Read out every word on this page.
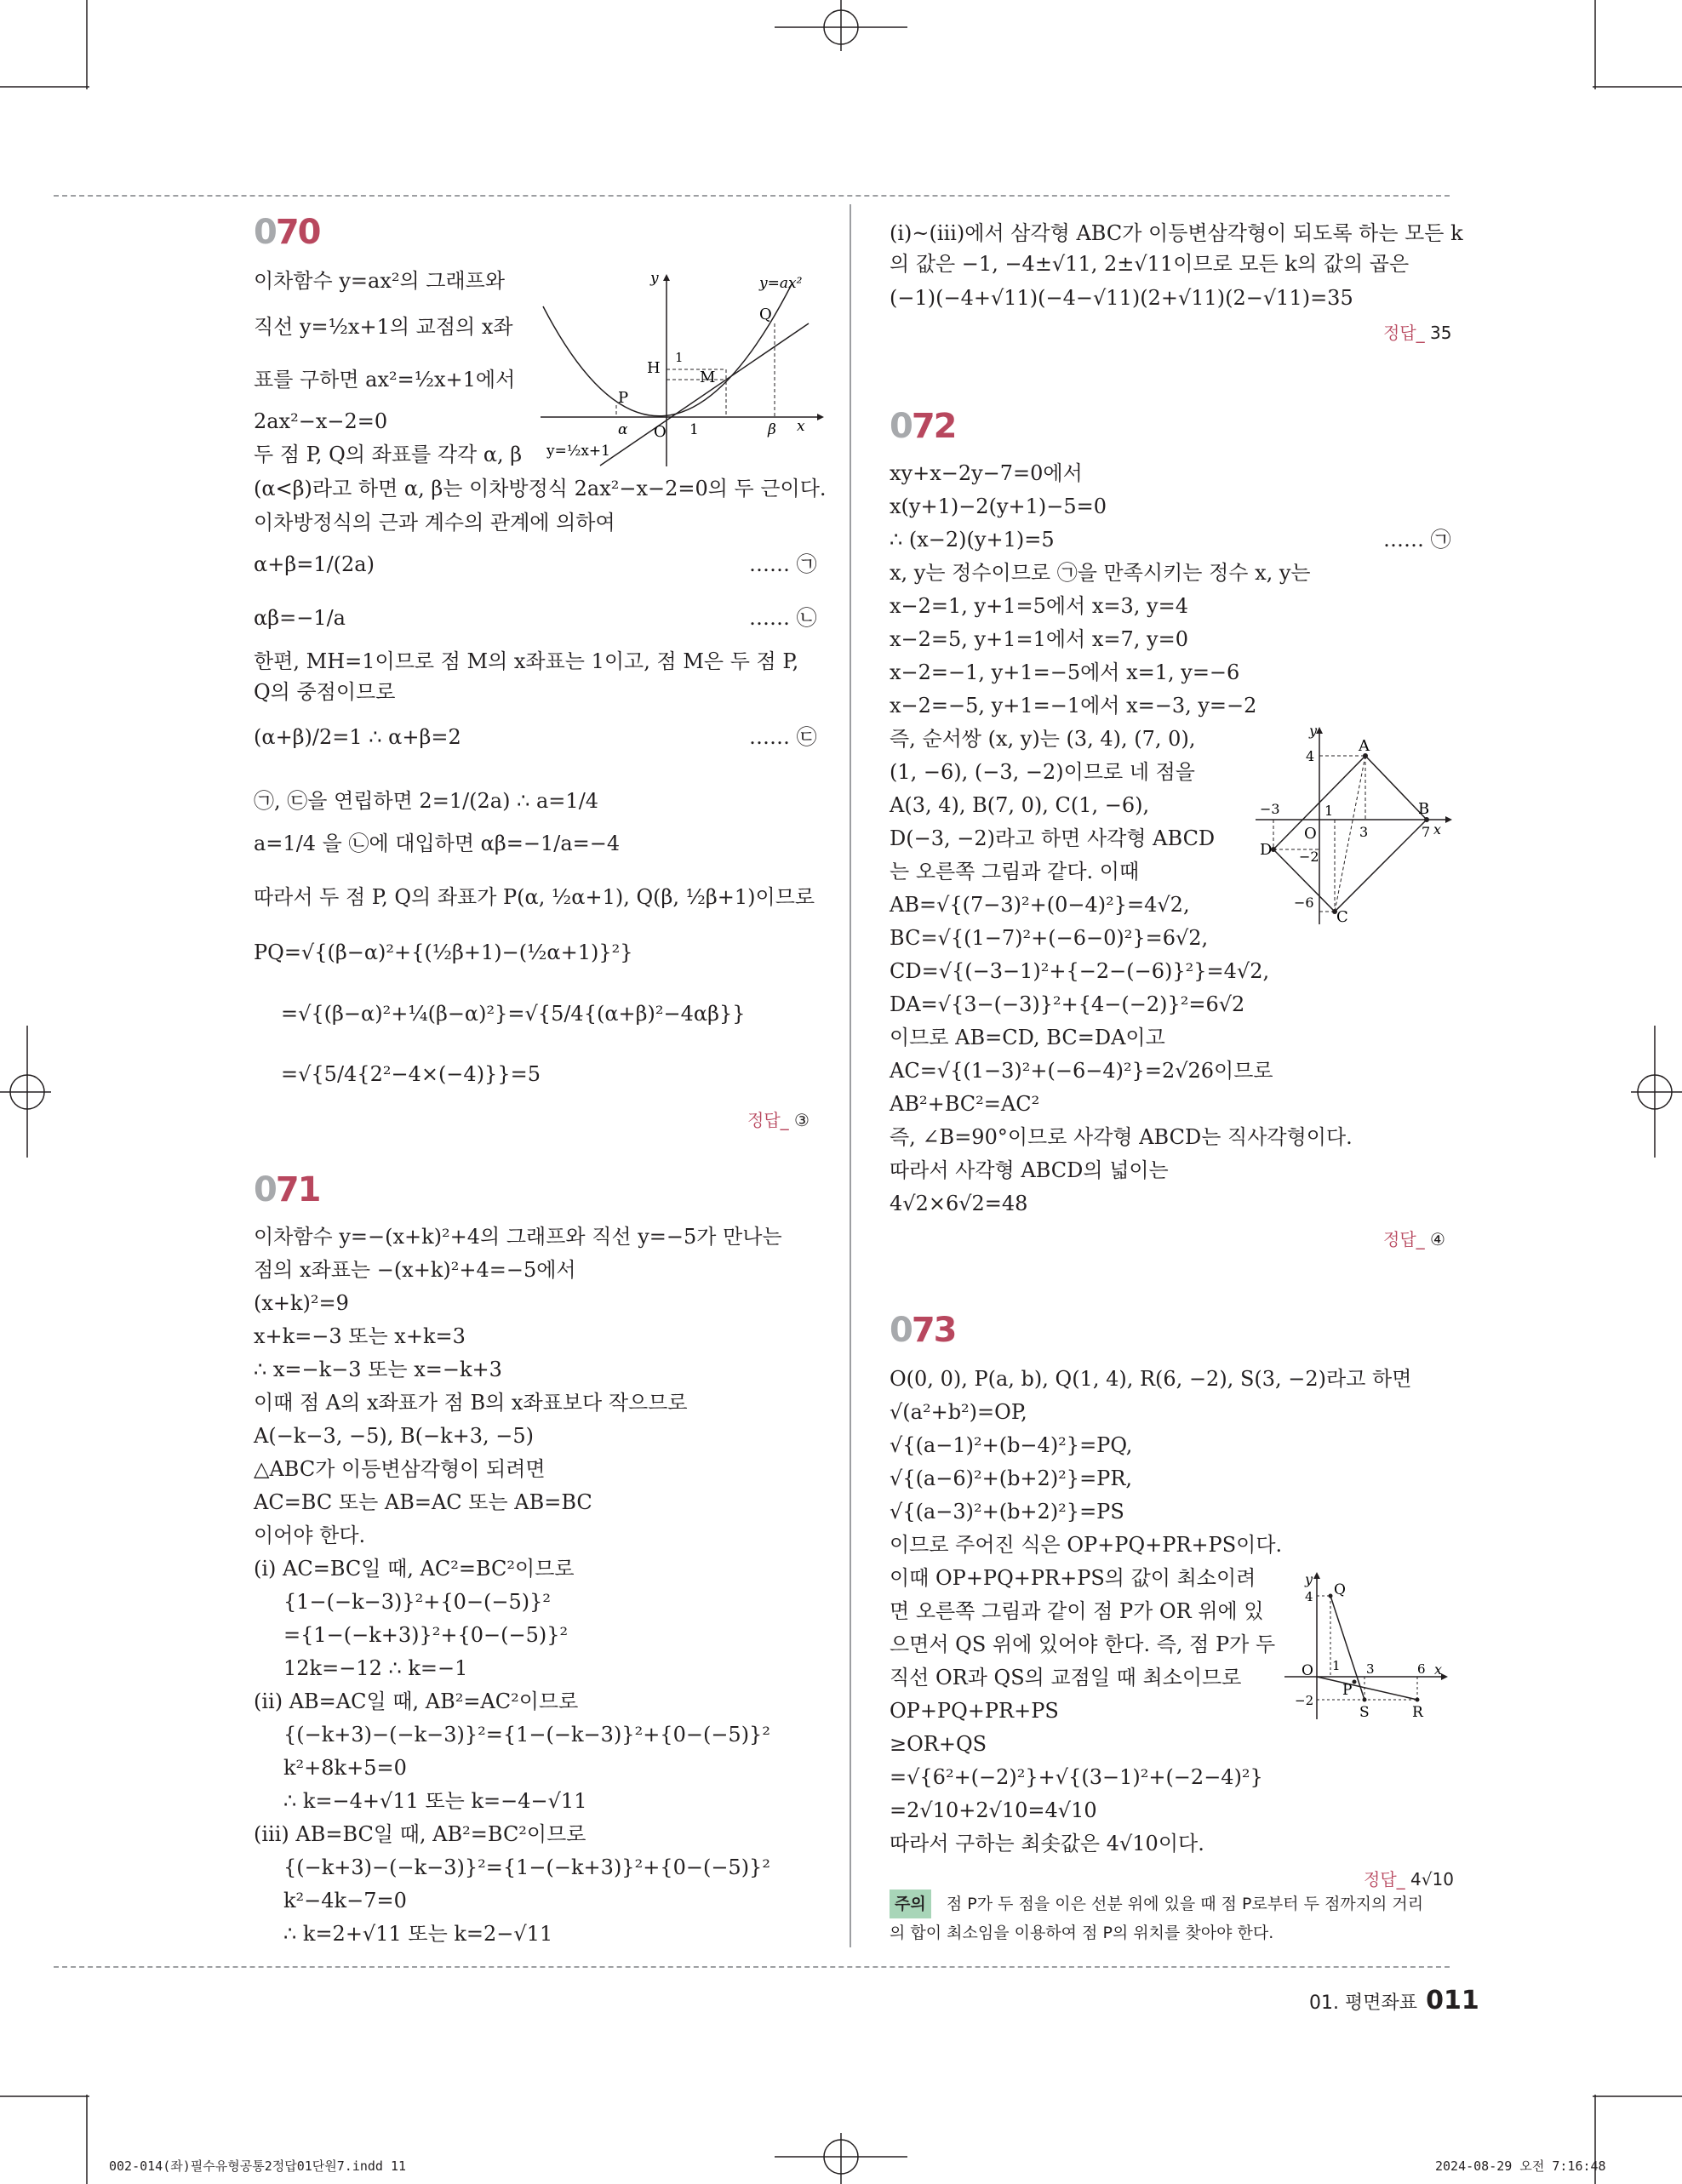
070
이차함수 y=ax²의 그래프와
직선 y=½x+1의 교점의 x좌
표를 구하면 ax²=½x+1에서
2ax²−x−2=0
두 점 P, Q의 좌표를 각각 α, β
(α<β)라고 하면 α, β는 이차방정식 2ax²−x−2=0의 두 근이다.
이차방정식의 근과 계수의 관계에 의하여
α+β=1/(2a)	…… ㉠
αβ=−1/a	…… ㉡
한편, MH=1이므로 점 M의 x좌표는 1이고, 점 M은 두 점 P,
Q의 중점이므로
(α+β)/2=1 ∴ α+β=2	…… ㉢
㉠, ㉢을 연립하면 2=1/(2a) ∴ a=1/4
a=1/4 을 ㉡에 대입하면 αβ=−1/a=−4
따라서 두 점 P, Q의 좌표가 P(α, ½α+1), Q(β, ½β+1)이므로
PQ=√{(β−α)²+{(½β+1)−(½α+1)}²}
=√{(β−α)²+¼(β−α)²}=√{5/4{(α+β)²−4αβ}}
=√{5/4{2²−4×(−4)}}=5
정답_ ③
y
x
y=ax²
y=½x+1
O
P
Q
H
M
1
1
α	β
071
이차함수 y=−(x+k)²+4의 그래프와 직선 y=−5가 만나는
점의 x좌표는 −(x+k)²+4=−5에서
(x+k)²=9
x+k=−3 또는 x+k=3
∴ x=−k−3 또는 x=−k+3
이때 점 A의 x좌표가 점 B의 x좌표보다 작으므로
A(−k−3, −5), B(−k+3, −5)
△ABC가 이등변삼각형이 되려면
AC=BC 또는 AB=AC 또는 AB=BC
이어야 한다.
(ⅰ) AC=BC일 때, AC²=BC²이므로
{1−(−k−3)}²+{0−(−5)}²
={1−(−k+3)}²+{0−(−5)}²
12k=−12 ∴ k=−1
(ⅱ) AB=AC일 때, AB²=AC²이므로
{(−k+3)−(−k−3)}²={1−(−k−3)}²+{0−(−5)}²
k²+8k+5=0
∴ k=−4+√11 또는 k=−4−√11
(ⅲ) AB=BC일 때, AB²=BC²이므로
{(−k+3)−(−k−3)}²={1−(−k+3)}²+{0−(−5)}²
k²−4k−7=0
∴ k=2+√11 또는 k=2−√11
(ⅰ)~(ⅲ)에서 삼각형 ABC가 이등변삼각형이 되도록 하는 모든 k
의 값은 −1, −4±√11, 2±√11이므로 모든 k의 값의 곱은
(−1)(−4+√11)(−4−√11)(2+√11)(2−√11)=35
정답_ 35
072
xy+x−2y−7=0에서
x(y+1)−2(y+1)−5=0
∴ (x−2)(y+1)=5	…… ㉠
x, y는 정수이므로 ㉠을 만족시키는 정수 x, y는
x−2=1, y+1=5에서 x=3, y=4
x−2=5, y+1=1에서 x=7, y=0
x−2=−1, y+1=−5에서 x=1, y=−6
x−2=−5, y+1=−1에서 x=−3, y=−2
즉, 순서쌍 (x, y)는 (3, 4), (7, 0),
(1, −6), (−3, −2)이므로 네 점을
A(3, 4), B(7, 0), C(1, −6),
D(−3, −2)라고 하면 사각형 ABCD
는 오른쪽 그림과 같다. 이때
AB=√{(7−3)²+(0−4)²}=4√2,
BC=√{(1−7)²+(−6−0)²}=6√2,
CD=√{(−3−1)²+{−2−(−6)}²}=4√2,
DA=√{3−(−3)}²+{4−(−2)}²=6√2
이므로 AB=CD, BC=DA이고
AC=√{(1−3)²+(−6−4)²}=2√26이므로
AB²+BC²=AC²
즉, ∠B=90°이므로 사각형 ABCD는 직사각형이다.
따라서 사각형 ABCD의 넓이는
4√2×6√2=48
정답_ ④
y
x
O
A
B
C
D
4
1
3	7
−3
−2
−6
073
O(0, 0), P(a, b), Q(1, 4), R(6, −2), S(3, −2)라고 하면
√(a²+b²)=OP,
√{(a−1)²+(b−4)²}=PQ,
√{(a−6)²+(b+2)²}=PR,
√{(a−3)²+(b+2)²}=PS
이므로 주어진 식은 OP+PQ+PR+PS이다.
이때 OP+PQ+PR+PS의 값이 최소이려
면 오른쪽 그림과 같이 점 P가 OR 위에 있
으면서 QS 위에 있어야 한다. 즉, 점 P가 두
직선 OR과 QS의 교점일 때 최소이므로
OP+PQ+PR+PS
≥OR+QS
=√{6²+(−2)²}+√{(3−1)²+(−2−4)²}
=2√10+2√10=4√10
따라서 구하는 최솟값은 4√10이다.
정답_ 4√10
주의 점 P가 두 점을 이은 선분 위에 있을 때 점 P로부터 두 점까지의 거리
의 합이 최소임을 이용하여 점 P의 위치를 찾아야 한다.
y
x
O
Q
P
S	R
4
1 3	6
−2
01. 평면좌표 011
002-014(좌)필수유형공통2정답01단원7.indd 11	2024-08-29 오전 7:16:48
